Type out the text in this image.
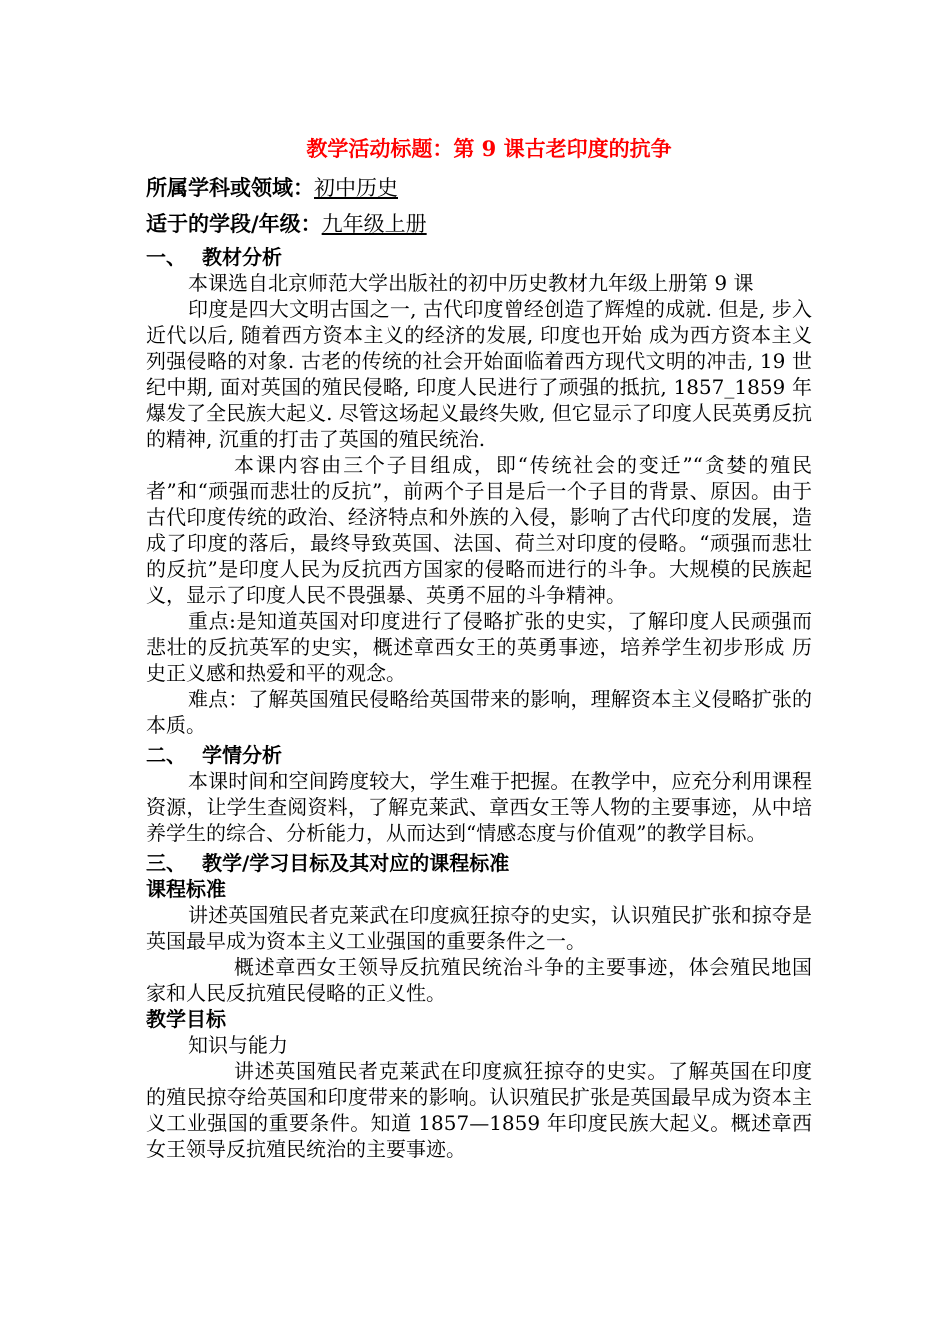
教学活动标题：第 9 课古老印度的抗争
所属学科或领域：初中历史
适于的学段/年级：九年级上册
一、 教材分析

本课选自北京师范大学出版社的初中历史教材九年级上册第 9 课

印度是四大文明古国之一, 古代印度曾经创造了辉煌的成就. 但是, 步入近代以后, 随着西方资本主义的经济的发展, 印度也开始 成为西方资本主义列强侵略的对象. 古老的传统的社会开始面临着西方现代文明的冲击, 19 世纪中期, 面对英国的殖民侵略, 印度人民进行了顽强的抵抗, 1857_1859 年爆发了全民族大起义. 尽管这场起义最终失败, 但它显示了印度人民英勇反抗的精神, 沉重的打击了英国的殖民统治.

本课内容由三个子目组成，即“传统社会的变迁”“贪婪的殖民者”和“顽强而悲壮的反抗”，前两个子目是后一个子目的背景、原因。由于古代印度传统的政治、经济特点和外族的入侵，影响了古代印度的发展，造成了印度的落后，最终导致英国、法国、荷兰对印度的侵略。“顽强而悲壮的反抗”是印度人民为反抗西方国家的侵略而进行的斗争。大规模的民族起义，显示了印度人民不畏强暴、英勇不屈的斗争精神。

重点:是知道英国对印度进行了侵略扩张的史实，了解印度人民顽强而悲壮的反抗英军的史实，概述章西女王的英勇事迹，培养学生初步形成 历史正义感和热爱和平的观念。

难点：了解英国殖民侵略给英国带来的影响，理解资本主义侵略扩张的本质。

二、 学情分析

本课时间和空间跨度较大，学生难于把握。在教学中，应充分利用课程资源，让学生查阅资料，了解克莱武、章西女王等人物的主要事迹，从中培养学生的综合、分析能力，从而达到“情感态度与价值观”的教学目标。

三、 教学/学习目标及其对应的课程标准
课程标准

讲述英国殖民者克莱武在印度疯狂掠夺的史实，认识殖民扩张和掠夺是英国最早成为资本主义工业强国的重要条件之一。

概述章西女王领导反抗殖民统治斗争的主要事迹，体会殖民地国家和人民反抗殖民侵略的正义性。

教学目标

知识与能力

讲述英国殖民者克莱武在印度疯狂掠夺的史实。了解英国在印度的殖民掠夺给英国和印度带来的影响。认识殖民扩张是英国最早成为资本主义工业强国的重要条件。知道 1857—1859 年印度民族大起义。概述章西女王领导反抗殖民统治的主要事迹。
